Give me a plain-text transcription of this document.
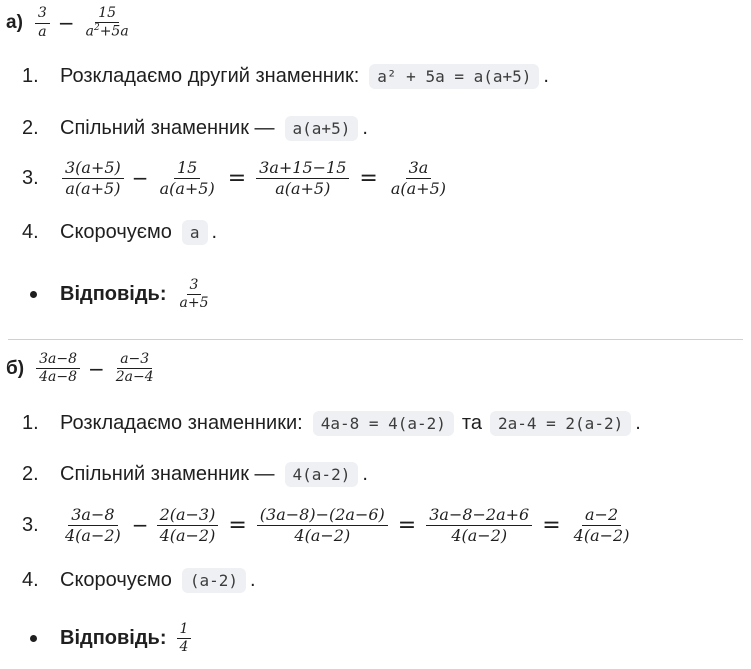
$а) \frac{3}{a} - \frac{15}{a^2+5a}$
1.	Розкладаємо другий знаменник:	a² + 5a = a(a+5) .
2.	Спільний знаменник —	a(a+5) .
3.	$\frac{3(a+5)}{a(a+5)} - \frac{15}{a(a+5)} = \frac{3a+15-15}{a(a+5)} = \frac{3a}{a(a+5)}$
4.	Скорочуємо	a .
Відповідь: $\frac{3}{a+5}$
$б) \frac{3a-8}{4a-8} - \frac{a-3}{2a-4}$
1.	Розкладаємо знаменники:	4a-8 = 4(a-2) та	2a-4 = 2(a-2) .
2.	Спільний знаменник —	4(a-2) .
3.	$\frac{3a-8}{4(a-2)} - \frac{2(a-3)}{4(a-2)} = \frac{(3a-8)-(2a-6)}{4(a-2)} = \frac{3a-8-2a+6}{4(a-2)} = \frac{a-2}{4(a-2)}$
4.	Скорочуємо	(a-2) .
Відповідь: $\frac{1}{4}$
